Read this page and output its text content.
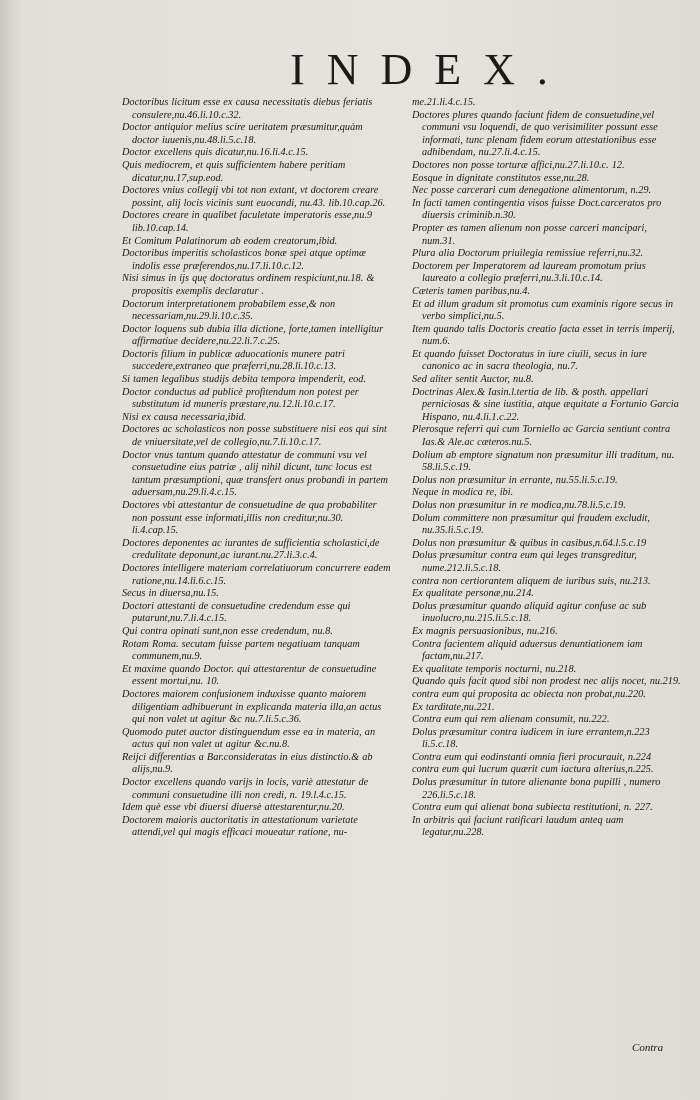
INDEX.

Doctoribus licitum esse ex causa necessitatis diebus feriatis consulere,nu.46.li.10.c.32.

Doctor antiquior melius scire ueritatem præsumitur,quàm doctor iuuenis,nu.48.li.5.c.18.

Doctor excellens quis dicatur,nu.16.li.4.c.15.

Quis mediocrem, et quis sufficientem habere peritiam dicatur,nu.17,sup.eod.

Doctores vnius collegij vbi tot non extant, vt doctorem creare possint, alij locis vicinis sunt euocandi, nu.43. lib.10.cap.26.

Doctores creare in qualibet faculetate imperatoris esse,nu.9 lib.10.cap.14.

Et Comitum Palatinorum ab eodem creatorum,ibid.

Doctoribus imperitis scholasticos bonæ spei atque optimæ indolis esse præferendos,nu.17.li.10.c.12.

Nisi simus in ijs quę doctoratus ordinem respiciunt,nu.18. & propositis exemplis declaratur .

Doctorum interpretationem probabilem esse,& non necessariam,nu.29.li.10.c.35.

Doctor loquens sub dubia illa dictione, forte,tamen intelligitur affirmatiue decidere,nu.22.li.7.c.25.

Doctoris filium in publicæ aduocationis munere patri succedere,extraneo que præferri,nu.28.li.10.c.13.

Si tamen legalibus studijs debita tempora impenderit, eod.

Doctor conductus ad publicè profitendum non potest per substitutum id muneris præstare,nu.12.li.10.c.17.

Nisi ex causa necessaria,ibid.

Doctores ac scholasticos non posse substituere nisi eos qui sint de vniuersitate,vel de collegio,nu.7.li.10.c.17.

Doctor vnus tantum quando attestatur de communi vsu vel consuetudine eius patriæ , alij nihil dicunt, tunc locus est tantum præsumptioni, quæ transfert onus probandi in partem aduersam,nu.29.li.4.c.15.

Doctores vbi attestantur de consuetudine de qua probabiliter non possunt esse informati,illis non creditur,nu.30. li.4.cap.15.

Doctores deponentes ac iurantes de sufficientia scholastici,de credulitate deponunt,ac iurant.nu.27.li.3.c.4.

Doctores intelligere materiam correlatiuorum concurrere eadem ratione,nu.14.li.6.c.15.

Secus in diuersa,nu.15.

Doctori attestanti de consuetudine credendum esse qui putarunt,nu.7.li.4.c.15.

Qui contra opinati sunt,non esse credendum, nu.8.

Rotam Roma. secutam fuisse partem negatiuam tanquam communem,nu.9.

Et maxime quando Doctor. qui attestarentur de consuetudine essent mortui,nu. 10.

Doctores maiorem confusionem induxisse quanto maiorem diligentiam adhibuerunt in explicanda materia illa,an actus qui non valet ut agitur &c nu.7.li.5.c.36.

Quomodo putet auctor distinguendum esse ea in materia, an actus qui non valet ut agitur &c.nu.8.

Reijci differentias a Bar.consideratas in eius distinctio.& ab alijs,nu.9.

Doctor excellens quando varijs in locis, variè attestatur de communi consuetudine illi non credi, n. 19.l.4.c.15.

Idem què esse vbi diuersi diuersè attestarentur,nu.20.

Doctorem maioris auctoritatis in attestationum varietate attendi,vel qui magis efficaci moueatur ratione, nu-

me.21.li.4.c.15.

Doctores plures quando faciunt fidem de consuetudine,vel communi vsu loquendi, de quo verisimiliter possunt esse informati, tunc plenam fidem eorum attestationibus esse adhibendam, nu.27.li.4.c.15.

Doctores non posse torturæ affici,nu.27.li.10.c. 12.

Eosque in dignitate constitutos esse,nu.28.

Nec posse carcerari cum denegatione alimentorum, n.29.

In facti tamen contingentia visos fuisse Doct.carceratos pro diuersis criminib.n.30.

Propter æs tamen alienum non posse carceri mancipari, num.31.

Plura alia Doctorum priuilegia remissiue referri,nu.32.

Doctorem per Imperatorem ad lauream promotum prius laureato a collegio præferri,nu.3.li.10.c.14.

Cæteris tamen paribus,nu.4.

Et ad illum gradum sit promotus cum examinis rigore secus in verbo simplici,nu.5.

Item quando talis Doctoris creatio facta esset in terris imperij, num.6.

Et quando fuisset Doctoratus in iure ciuili, secus in iure canonico ac in sacra theologia, nu.7.

Sed aliter sentit Auctor, nu.8.

Doctrinas Alex.& Iasin.l.tertia de lib. & posth. appellari perniciosas & sine iustitia, atque æquitate a Fortunio Garcia Hispano, nu.4.li.1.c.22.

Plerosque referri qui cum Torniello ac Garcia sentiunt contra Ias.& Ale.ac cæteros.nu.5.

Dolium ab emptore signatum non præsumitur illi traditum, nu. 58.li.5.c.19.

Dolus non præsumitur in errante, nu.55.li.5.c.19.

Neque in modica re, ibi.

Dolus non præsumitur in re modica,nu.78.li.5.c.19.

Dolum committere non præsumitur qui fraudem excludit, nu.35.li.5.c.19.

Dolus non præsumitur & quibus in casibus,n.64.l.5.c.19

Dolus præsumitur contra eum qui leges transgreditur, nume.212.li.5.c.18.

contra non certiorantem aliquem de iuribus suis, nu.213.

Ex qualitate personæ,nu.214.

Dolus præsumitur quando aliquid agitur confuse ac sub inuolucro,nu.215.li.5.c.18.

Ex magnis persuasionibus, nu.216.

Contra facientem aliquid aduersus denuntiationem iam factam,nu.217.

Ex qualitate temporis nocturni, nu.218.

Quando quis facit quod sibi non prodest nec alijs nocet, nu.219.

contra eum qui proposita ac obiecta non probat,nu.220.

Ex tarditate,nu.221.

Contra eum qui rem alienam consumit, nu.222.

Dolus præsumitur contra iudicem in iure errantem,n.223 li.5.c.18.

Contra eum qui eodinstanti omnia fieri procurauit, n.224

contra eum qui lucrum quærit cum iactura alterius,n.225.

Dolus præsumitur in tutore alienante bona pupilli , numero 226.li.5.c.18.

Contra eum qui alienat bona subiecta restitutioni, n. 227.

In arbitris qui faciunt ratificari laudum anteq uam legatur,nu.228.

Contra
